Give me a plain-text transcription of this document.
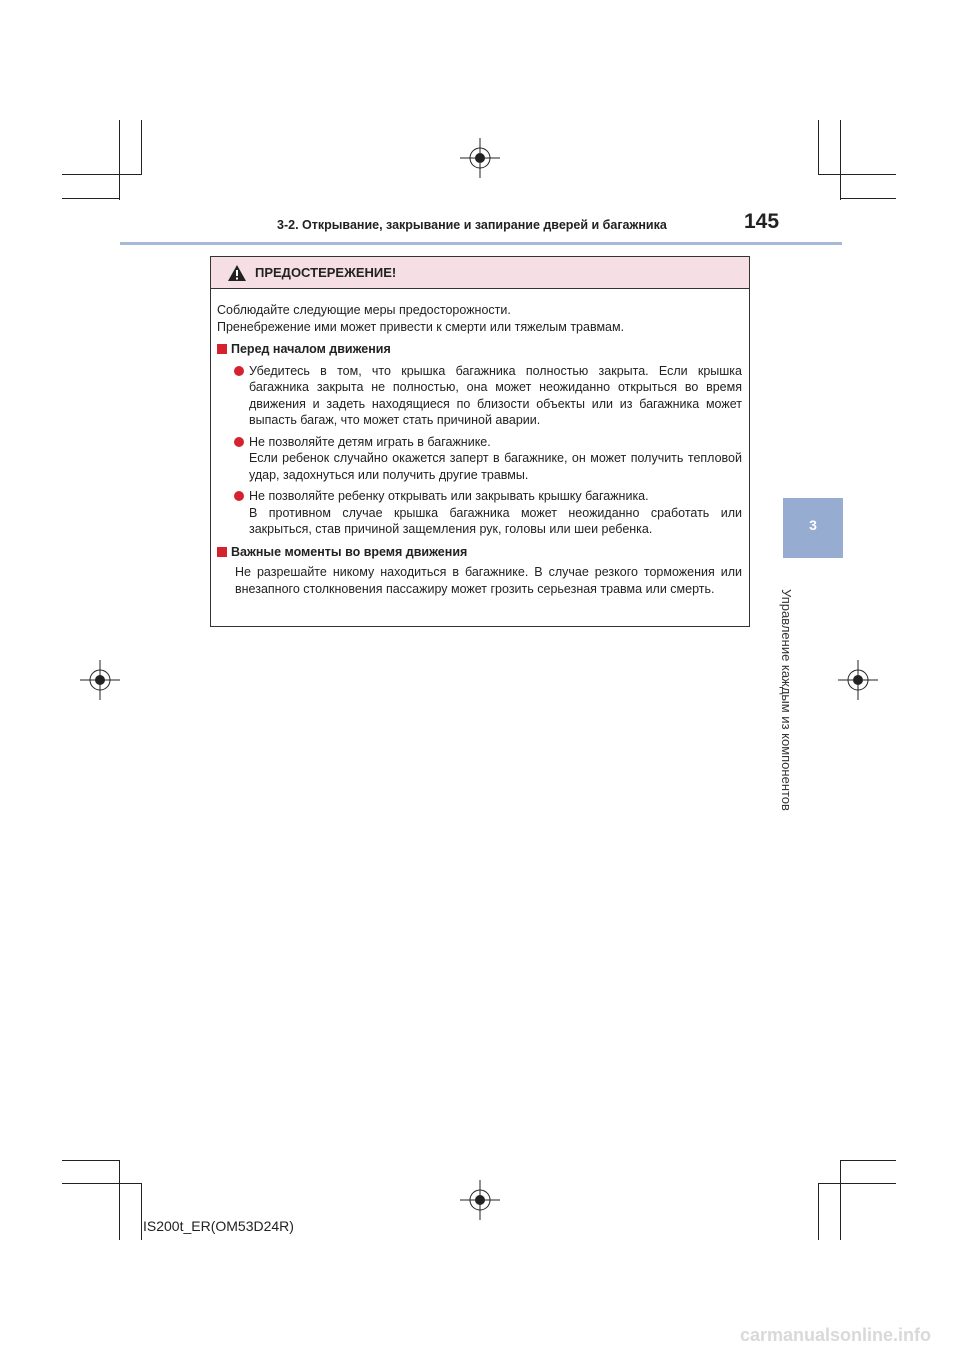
3-2. Открывание, закрывание и запирание дверей и багажника	145
3
Управление каждым из компонентов
ПРЕДОСТЕРЕЖЕНИЕ!

Соблюдайте следующие меры предосторожности.

Пренебрежение ими может привести к смерти или тяжелым травмам.

Перед началом движения
Убедитесь в том, что крышка багажника полностью закрыта. Если крышка багажника закрыта не полностью, она может неожиданно открыться во время движения и задеть находящиеся по близости объекты или из багажника может выпасть багаж, что может стать причиной аварии.
Не позволяйте детям играть в багажнике.
Если ребенок случайно окажется заперт в багажнике, он может получить тепловой удар, задохнуться или получить другие травмы.
Не позволяйте ребенку открывать или закрывать крышку багажника.
В противном случае крышка багажника может неожиданно сработать или закрыться, став причиной защемления рук, головы или шеи ребенка.
Важные моменты во время движения
Не разрешайте никому находиться в багажнике. В случае резкого торможения или внезапного столкновения пассажиру может грозить серьезная травма или смерть.
IS200t_ER(OM53D24R)
carmanualsonline.info
